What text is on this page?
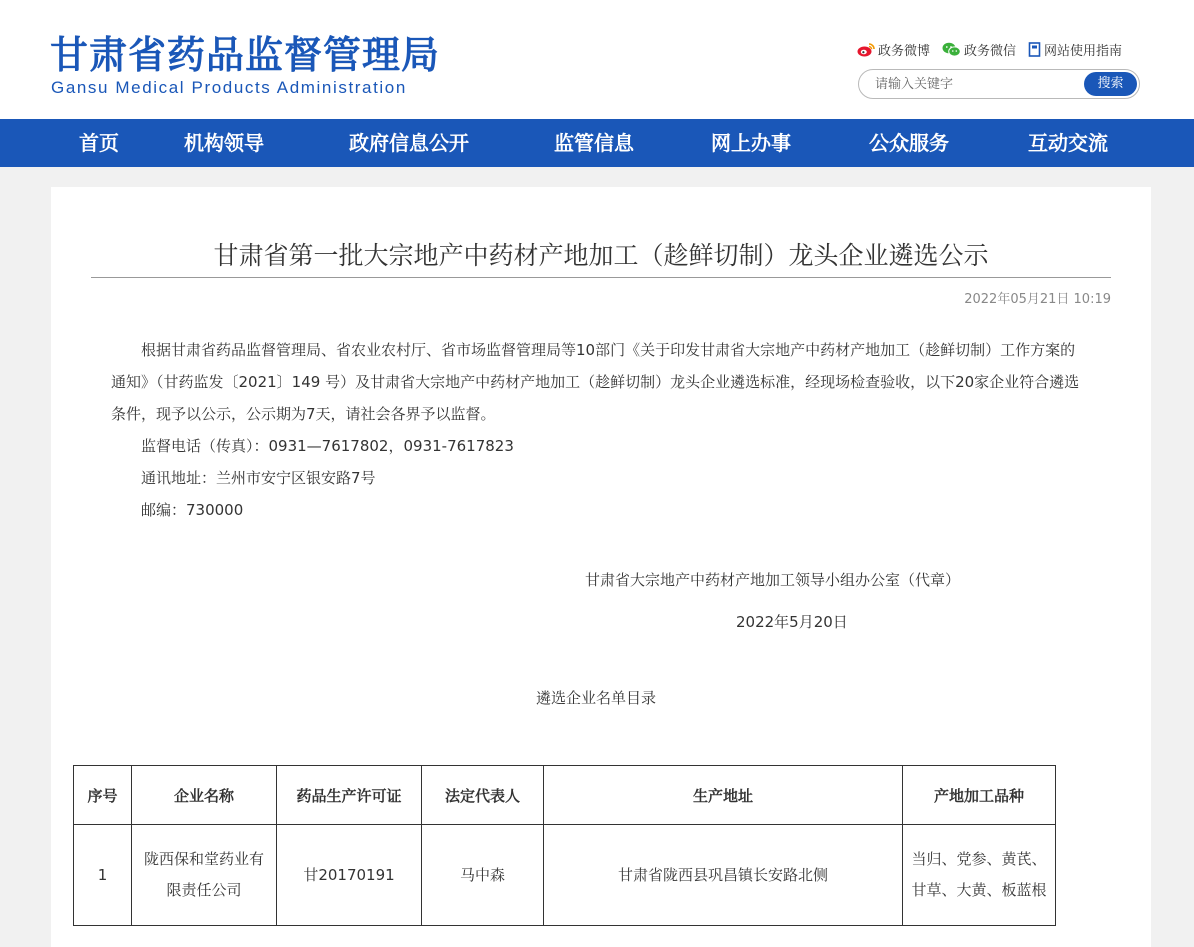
甘肃省药品监督管理局
Gansu Medical Products Administration
政务微博	政务微信 网站使用指南
请输入关键字
搜索
首页	机构领导	政府信息公开	监管信息	网上办事	公众服务	互动交流
甘肃省第一批大宗地产中药材产地加工（趁鲜切制）龙头企业遴选公示
2022年05月21日 10:19

根据甘肃省药品监督管理局、省农业农村厅、省市场监督管理局等10部门《关于印发甘肃省大宗地产中药材产地加工（趁鲜切制）工作方案的通知》（甘药监发〔2021〕149 号）及甘肃省大宗地产中药材产地加工（趁鲜切制）龙头企业遴选标准，经现场检查验收，以下20家企业符合遴选条件，现予以公示，公示期为7天，请社会各界予以监督。

监督电话（传真）：0931—7617802，0931-7617823

通讯地址：兰州市安宁区银安路7号

邮编：730000

甘肃省大宗地产中药材产地加工领导小组办公室（代章）
2022年5月20日
遴选企业名单目录
序号	企业名称	药品生产许可证	法定代表人	生产地址	产地加工品种
1	陇西保和堂药业有限责任公司	甘20170191	马中森	甘肃省陇西县巩昌镇长安路北侧	当归、党参、黄芪、甘草、大黄、板蓝根
